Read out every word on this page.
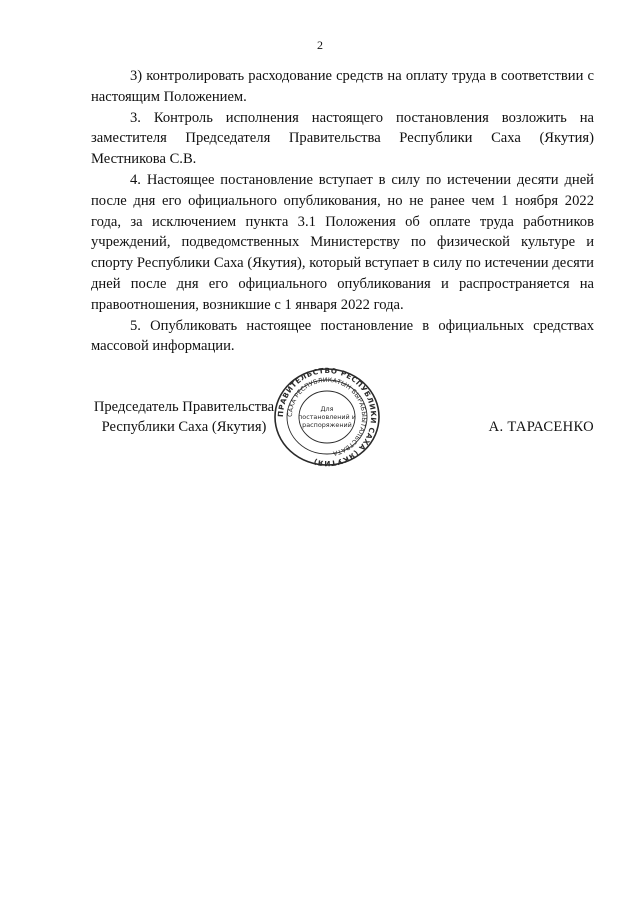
2

3) контролировать расходование средств на оплату труда в соответствии с настоящим Положением.

3. Контроль исполнения настоящего постановления возложить на заместителя Председателя Правительства Республики Саха (Якутия) Местникова С.В.

4. Настоящее постановление вступает в силу по истечении десяти дней после дня его официального опубликования, но не ранее чем 1 ноября 2022 года, за исключением пункта 3.1 Положения об оплате труда работников учреждений, подведомственных Министерству по физической культуре и спорту Республики Саха (Якутия), который вступает в силу по истечении десяти дней после дня его официального опубликования и распространяется на правоотношения, возникшие с 1 января 2022 года.

5. Опубликовать настоящее постановление в официальных средствах массовой информации.

Председатель Правительства
Республики Саха (Якутия)	А. ТАРАСЕНКО
ПРАВИТЕЛЬСТВО РЕСПУБЛИКИ САХА (ЯКУТИЯ)
САХА РЕСПУБЛИКАТЫН БЫРАБЫЫТАЛЬСТВАТА
Для
постановлений и
распоряжений
